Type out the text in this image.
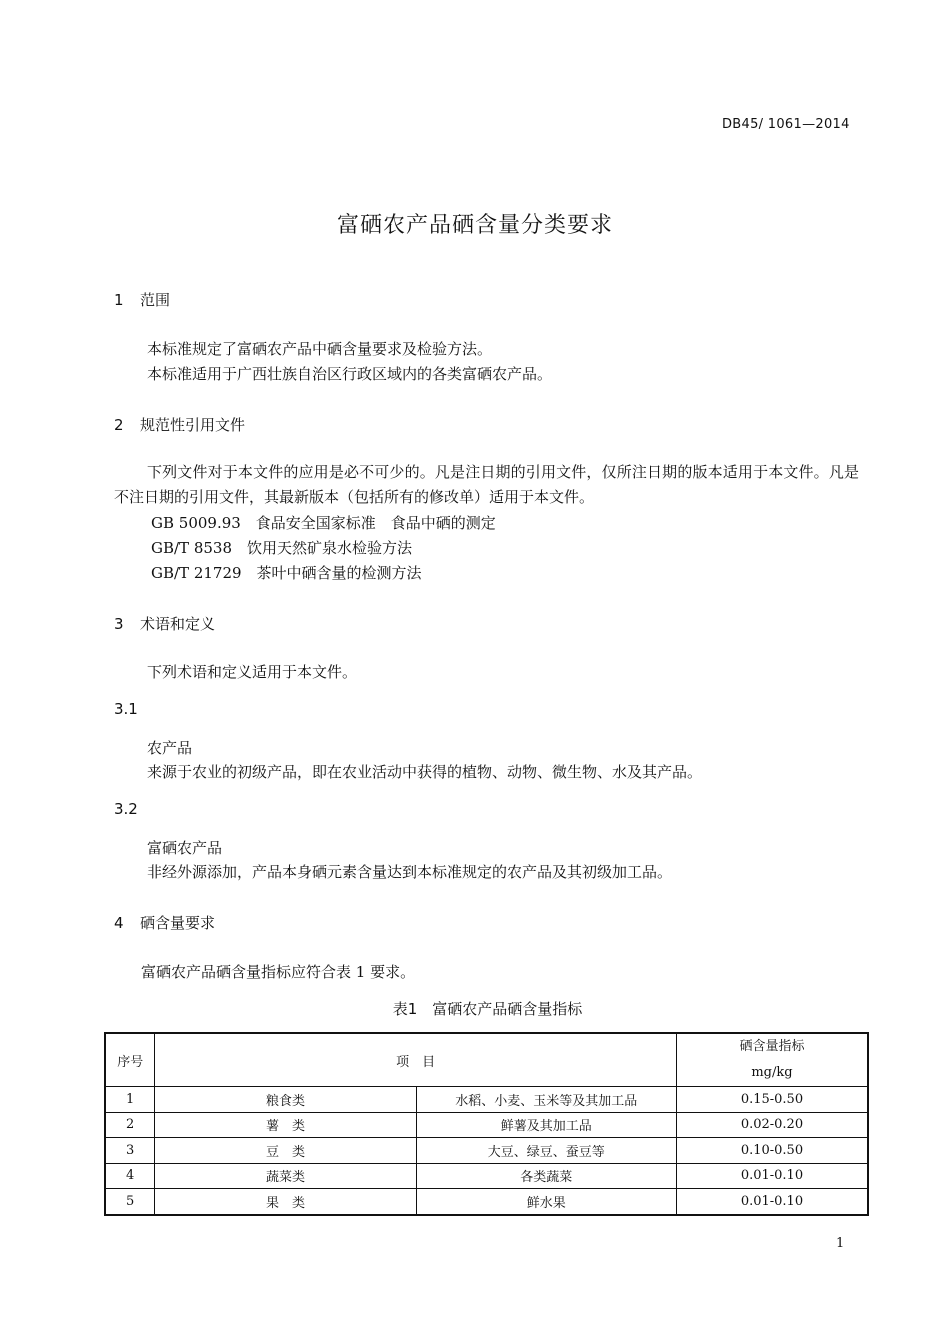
DB45/ 1061—2014
富硒农产品硒含量分类要求
1 范围
本标准规定了富硒农产品中硒含量要求及检验方法。
本标准适用于广西壮族自治区行政区域内的各类富硒农产品。
2 规范性引用文件
下列文件对于本文件的应用是必不可少的。凡是注日期的引用文件，仅所注日期的版本适用于本文件。凡是不注日期的引用文件，其最新版本（包括所有的修改单）适用于本文件。
GB 5009.93　食品安全国家标准　食品中硒的测定
GB/T 8538　饮用天然矿泉水检验方法
GB/T 21729　茶叶中硒含量的检测方法
3 术语和定义
下列术语和定义适用于本文件。
3.1
农产品
来源于农业的初级产品，即在农业活动中获得的植物、动物、微生物、水及其产品。
3.2
富硒农产品
非经外源添加，产品本身硒元素含量达到本标准规定的农产品及其初级加工品。
4 硒含量要求
富硒农产品硒含量指标应符合表 1 要求。
表1　富硒农产品硒含量指标
序号	项　目		硒含量指标
mg/kg

1	粮食类	水稻、小麦、玉米等及其加工品	0.15-0.50
2	薯　类	鲜薯及其加工品	0.02-0.20
3	豆　类	大豆、绿豆、蚕豆等	0.10-0.50
4	蔬菜类	各类蔬菜	0.01-0.10
5	果　类	鲜水果	0.01-0.10
1
